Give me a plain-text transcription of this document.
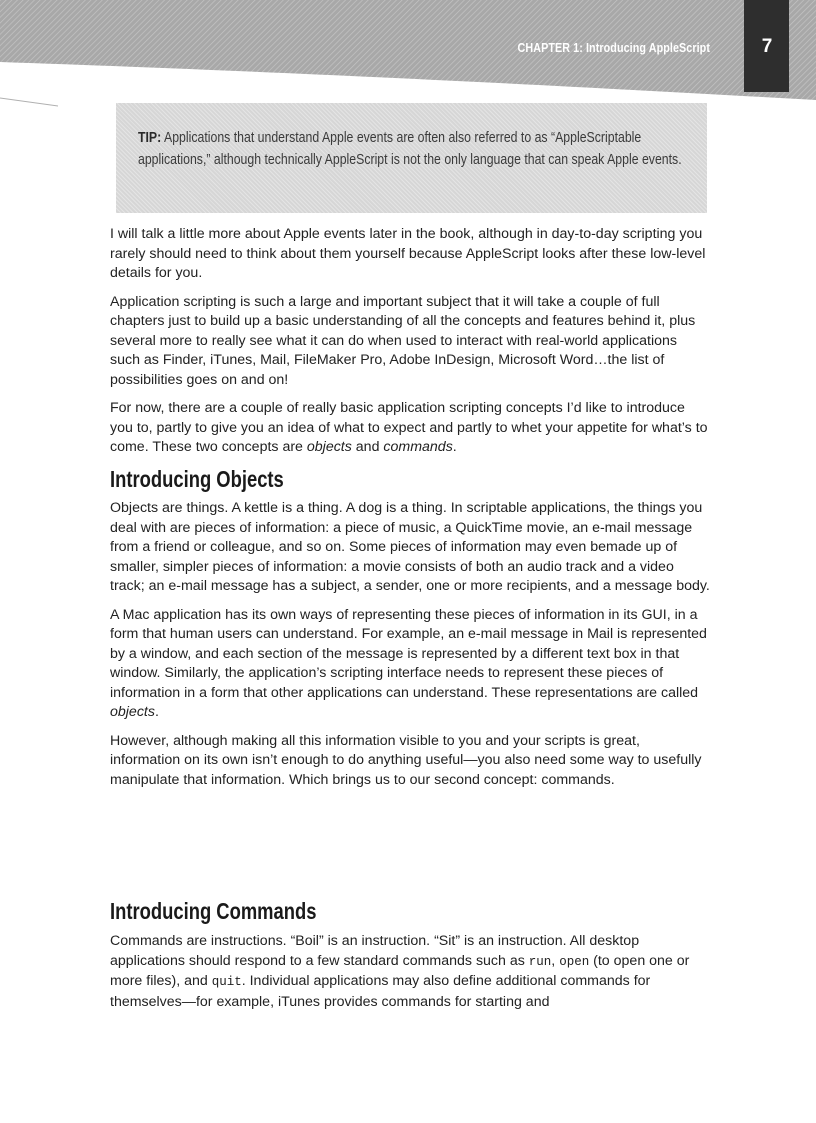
CHAPTER 1: Introducing AppleScript	7
TIP: Applications that understand Apple events are often also referred to as “AppleScriptable applications,” although technically AppleScript is not the only language that can speak Apple events.

I will talk a little more about Apple events later in the book, although in day-to-day scripting you rarely should need to think about them yourself because AppleScript looks after these low-level details for you.

Application scripting is such a large and important subject that it will take a couple of full chapters just to build up a basic understanding of all the concepts and features behind it, plus several more to really see what it can do when used to interact with real-world applications such as Finder, iTunes, Mail, FileMaker Pro, Adobe InDesign, Microsoft Word…the list of possibilities goes on and on!

For now, there are a couple of really basic application scripting concepts I’d like to introduce you to, partly to give you an idea of what to expect and partly to whet your appetite for what’s to come. These two concepts are objects and commands.

Introducing Objects

Objects are things. A kettle is a thing. A dog is a thing. In scriptable applications, the things you deal with are pieces of information: a piece of music, a QuickTime movie, an e-mail message from a friend or colleague, and so on. Some pieces of information may even bemade up of smaller, simpler pieces of information: a movie consists of both an audio track and a video track; an e-mail message has a subject, a sender, one or more recipients, and a message body.

A Mac application has its own ways of representing these pieces of information in its GUI, in a form that human users can understand. For example, an e-mail message in Mail is represented by a window, and each section of the message is represented by a different text box in that window. Similarly, the application’s scripting interface needs to represent these pieces of information in a form that other applications can understand. These representations are called objects.

However, although making all this information visible to you and your scripts is great, information on its own isn’t enough to do anything useful—you also need some way to usefully manipulate that information. Which brings us to our second concept: commands.

Introducing Commands

Commands are instructions. “Boil” is an instruction. “Sit” is an instruction. All desktop applications should respond to a few standard commands such as run, open (to open one or more files), and quit. Individual applications may also define additional commands for themselves—for example, iTunes provides commands for starting and
